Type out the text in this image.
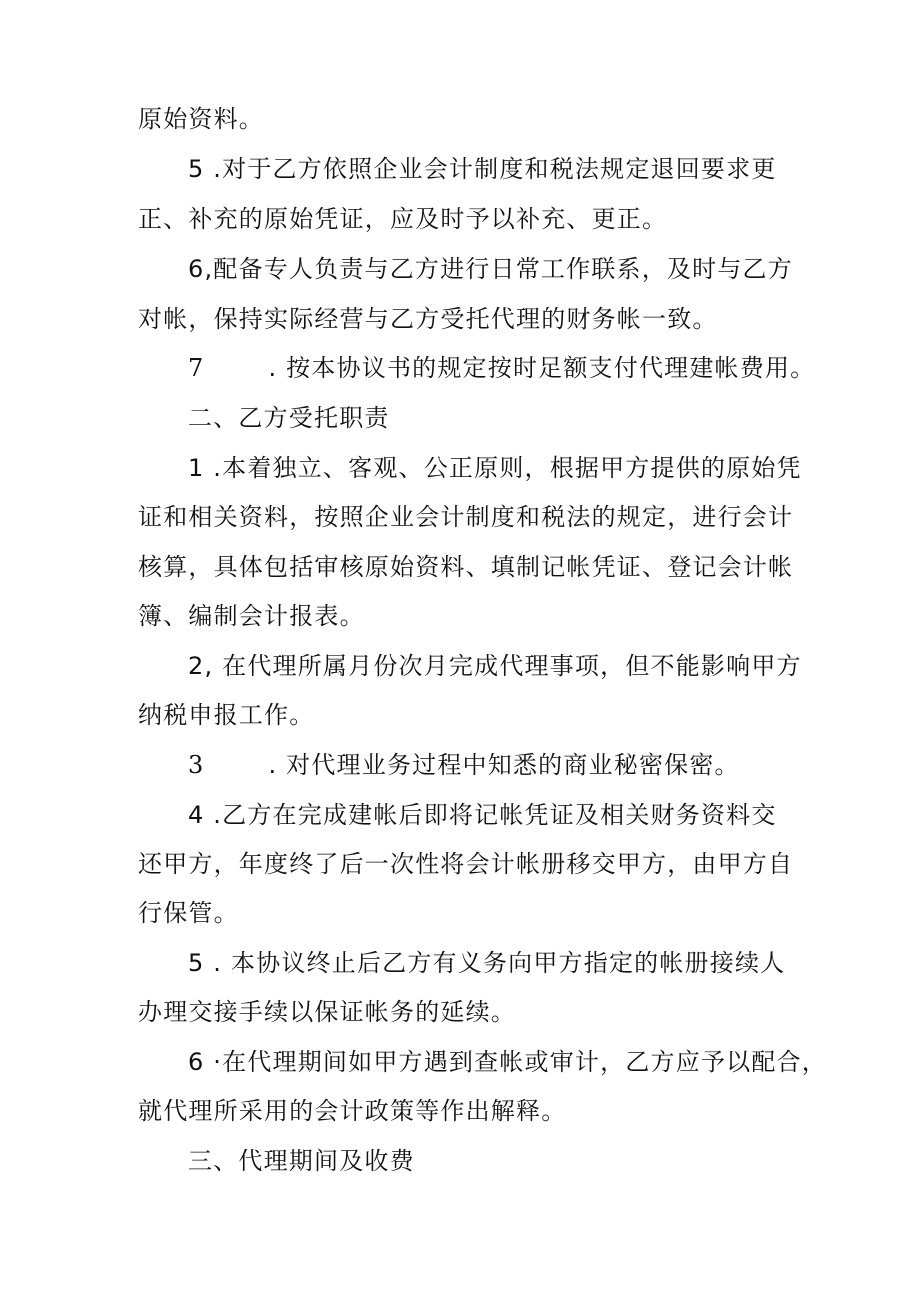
原始资料。
5 .对于乙方依照企业会计制度和税法规定退回要求更
正、补充的原始凭证，应及时予以补充、更正。
6,配备专人负责与乙方进行日常工作联系，及时与乙方
对帐，保持实际经营与乙方受托代理的财务帐一致。
7	. 按本协议书的规定按时足额支付代理建帐费用。
二、乙方受托职责
1 .本着独立、客观、公正原则，根据甲方提供的原始凭
证和相关资料，按照企业会计制度和税法的规定，进行会计
核算，具体包括审核原始资料、填制记帐凭证、登记会计帐
簿、编制会计报表。
2, 在代理所属月份次月完成代理事项，但不能影响甲方
纳税申报工作。
3	. 对代理业务过程中知悉的商业秘密保密。
4 .乙方在完成建帐后即将记帐凭证及相关财务资料交
还甲方，年度终了后一次性将会计帐册移交甲方，由甲方自
行保管。
5 . 本协议终止后乙方有义务向甲方指定的帐册接续人
办理交接手续以保证帐务的延续。
6 ·在代理期间如甲方遇到查帐或审计，乙方应予以配合，
就代理所采用的会计政策等作出解释。
三、代理期间及收费
